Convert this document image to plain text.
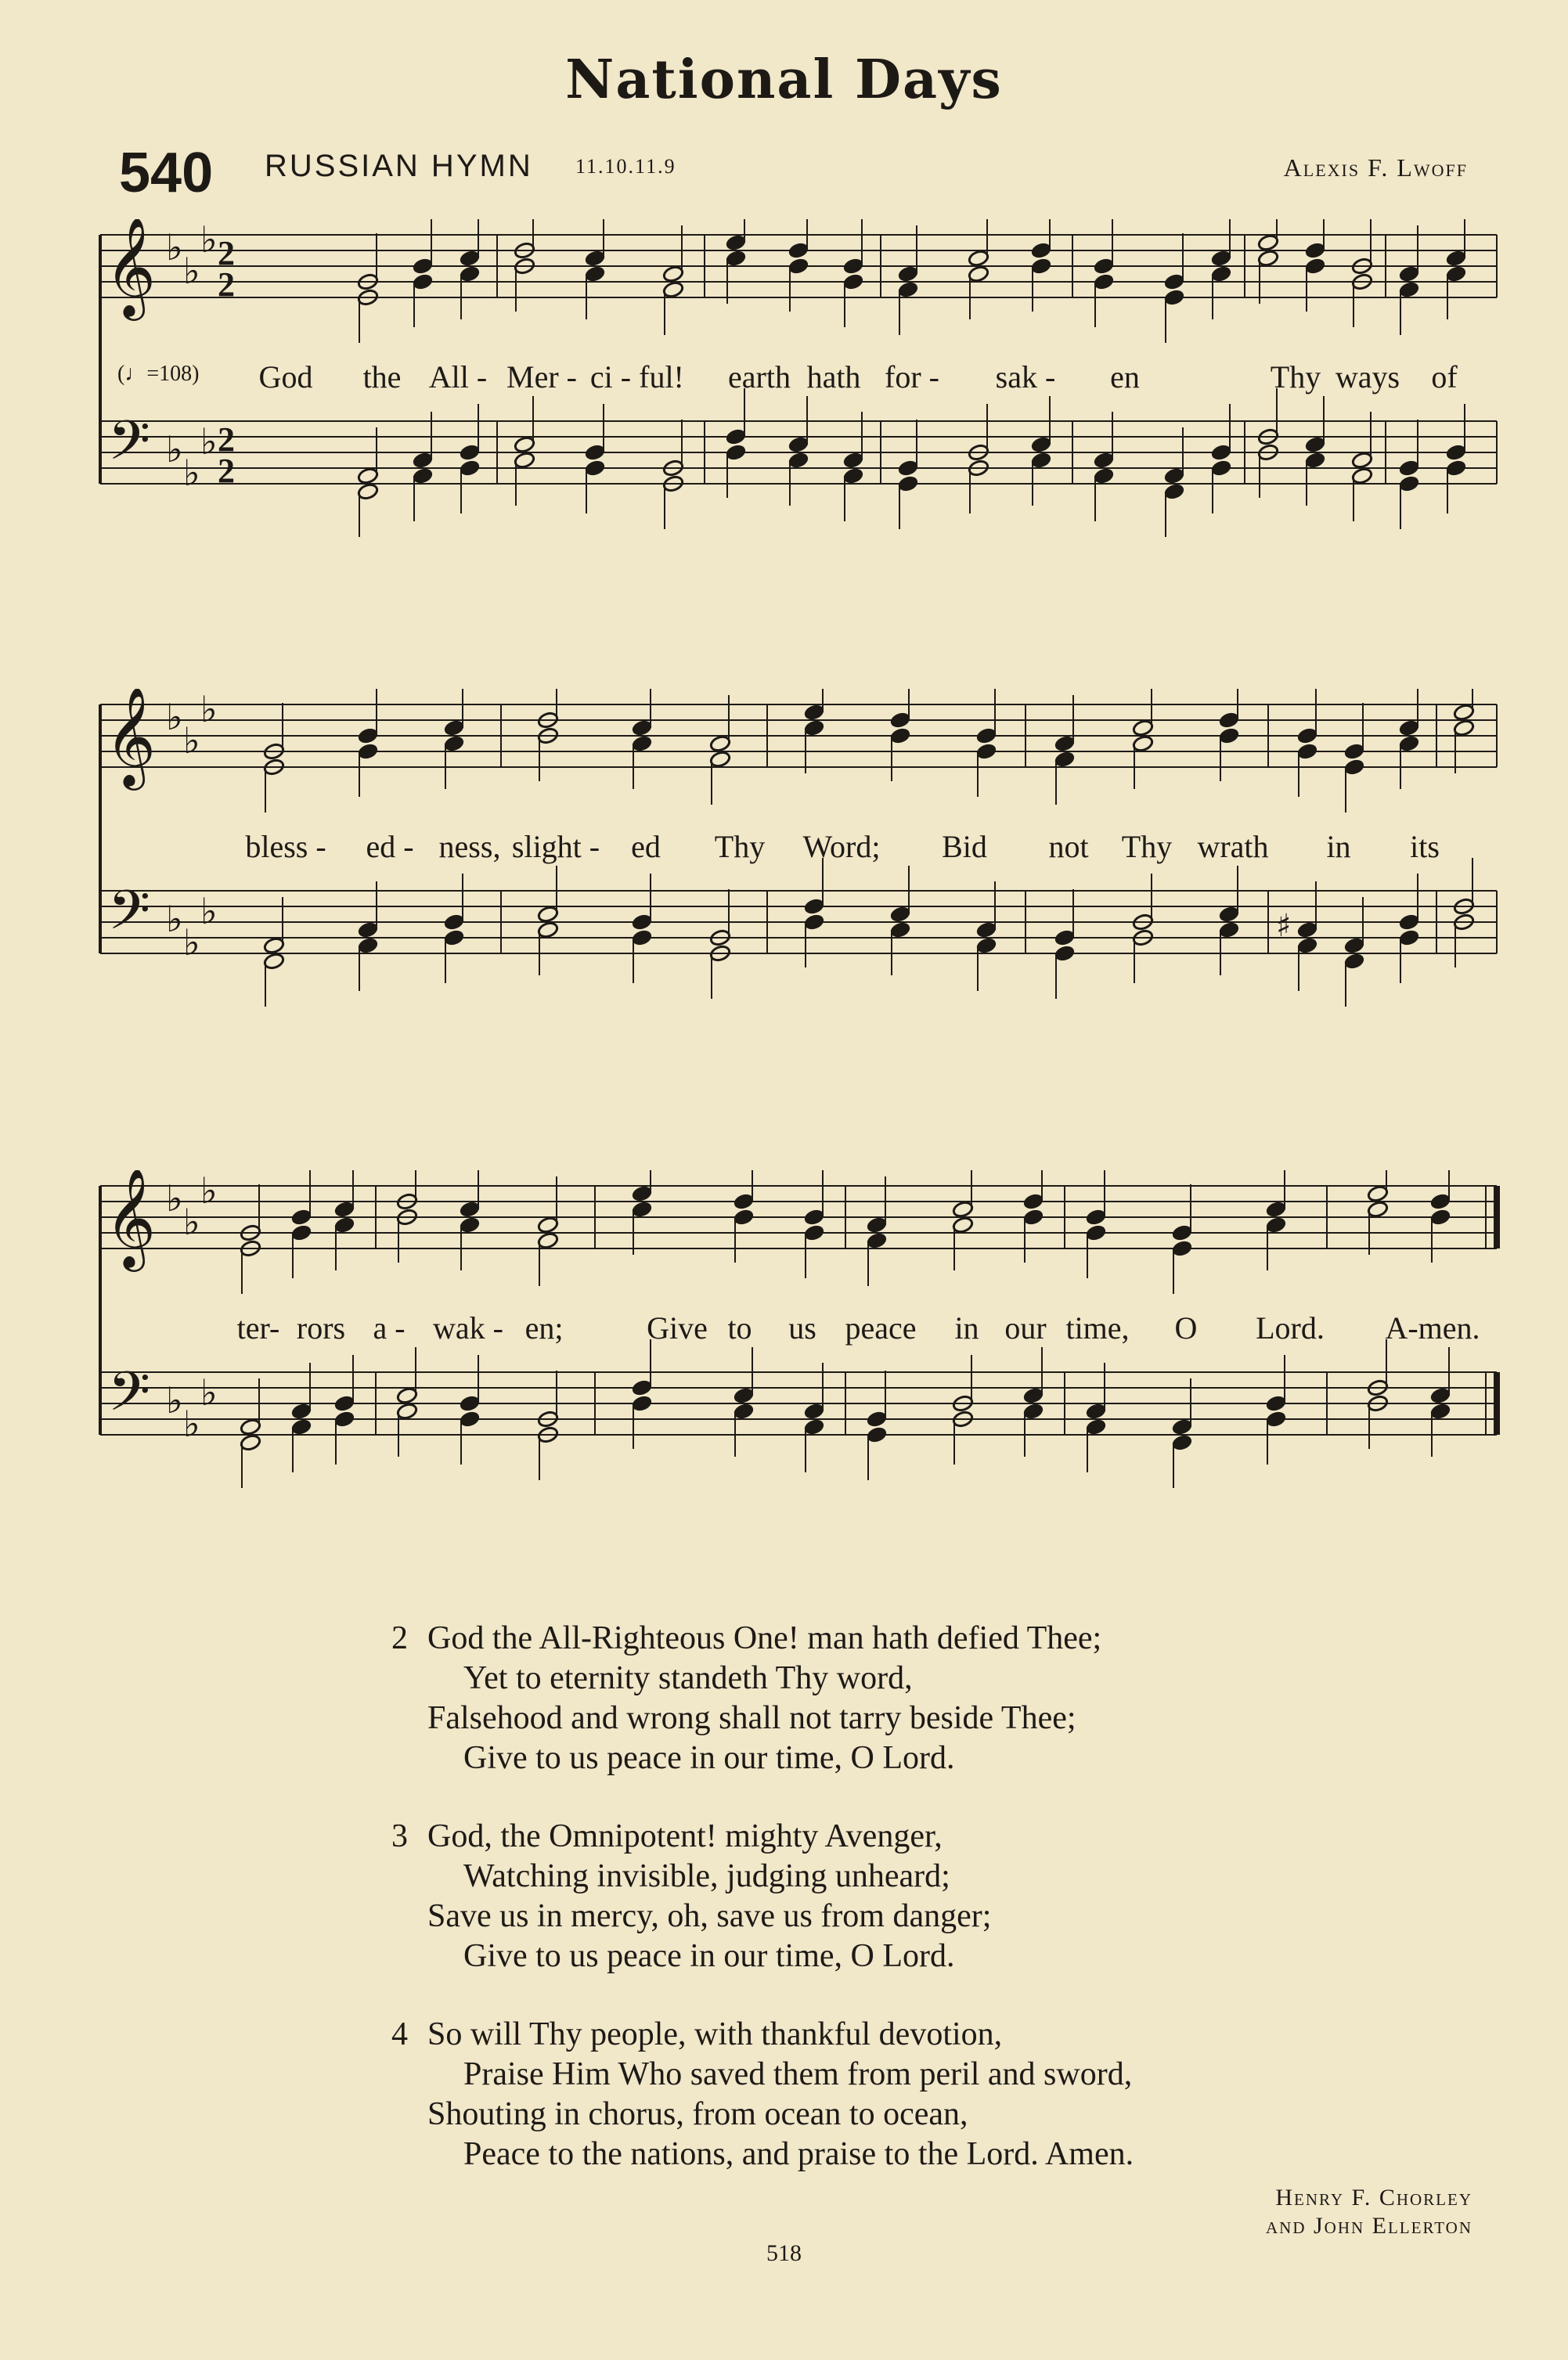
National Days
540 RUSSIAN HYMN 11.10.11.9	Alexis F. Lwoff
𝄞
𝄢
♭
♭
♭ 2
2
♭
♭
♭ 2
2
(♩=108) God the All - Mer - ci - ful! earth hath for - sak - en	Thy ways of
𝄞
𝄢
♭
♭
♭
♭
♭
♭	♯
bless - ed - ness, slight - ed Thy Word; Bid not Thy wrath in its
𝄞
𝄢
♭
♭
♭
♭
♭
♭
ter- rors a - wak - en;	Give to us peace in our time, O Lord. A-men.
2 God the All-Righteous One! man hath defied Thee;
Yet to eternity standeth Thy word,
Falsehood and wrong shall not tarry beside Thee;
Give to us peace in our time, O Lord.
3 God, the Omnipotent! mighty Avenger,
Watching invisible, judging unheard;
Save us in mercy, oh, save us from danger;
Give to us peace in our time, O Lord.
4 So will Thy people, with thankful devotion,
Praise Him Who saved them from peril and sword,
Shouting in chorus, from ocean to ocean,
Peace to the nations, and praise to the Lord. Amen.
Henry F. Chorley
and John Ellerton
518
